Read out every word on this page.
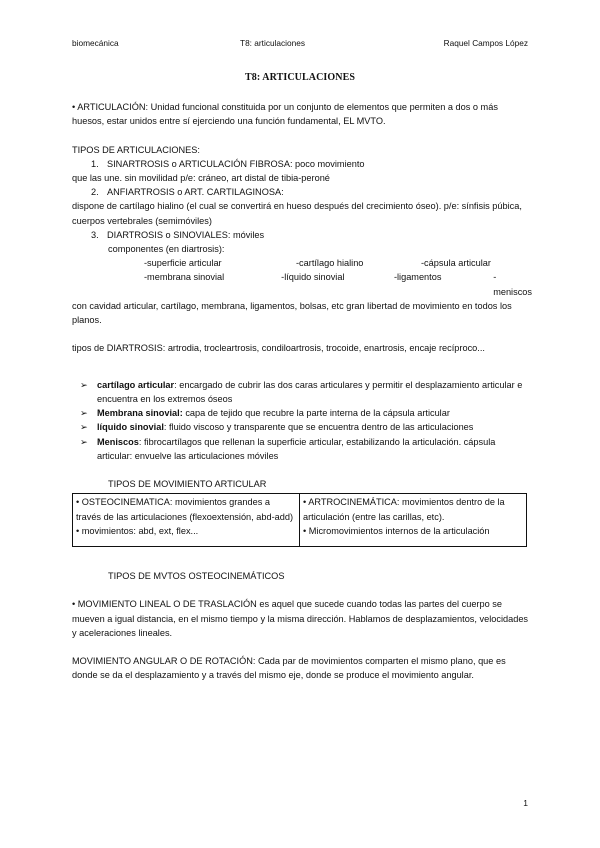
biomecánica	T8: articulaciones	Raquel Campos López
T8: ARTICULACIONES

• ARTICULACIÓN: Unidad funcional constituida por un conjunto de elementos que permiten a dos o más huesos, estar unidos entre sí ejerciendo una función fundamental, EL MVTO.

TIPOS DE ARTICULACIONES:

1. SINARTROSIS o ARTICULACIÓN FIBROSA: poco movimiento

que las une. sin movilidad p/e: cráneo, art distal de tibia-peroné

2. ANFIARTROSIS o ART. CARTILAGINOSA:

dispone de cartílago hialino (el cual se convertirá en hueso después del crecimiento óseo). p/e: sínfisis púbica, cuerpos vertebrales (semimóviles)

3. DIARTROSIS o SINOVIALES: móviles

componentes (en diartrosis):

-superficie articular	-cartílago hialino	-cápsula articular
-membrana sinovial	-líquido sinovial	-ligamentos	-meniscos

con cavidad articular, cartílago, membrana, ligamentos, bolsas, etc gran libertad de movimiento en todos los planos.

tipos de DIARTROSIS: artrodia, trocleartrosis, condiloartrosis, trocoide, enartrosis, encaje recíproco...

➢	cartílago articular: encargado de cubrir las dos caras articulares y permitir el desplazamiento articular e encuentra en los extremos óseos
➢	Membrana sinovial: capa de tejido que recubre la parte interna de la cápsula articular
➢	líquido sinovial: fluido viscoso y transparente que se encuentra dentro de las articulaciones
➢	Meniscos: fibrocartílagos que rellenan la superficie articular, estabilizando la articulación. cápsula articular: envuelve las articulaciones móviles

TIPOS DE MOVIMIENTO ARTICULAR

• OSTEOCINEMATICA: movimientos grandes a través de las articulaciones (flexoextensión, abd-add)
• movimientos: abd, ext, flex...

• ARTROCINEMÁTICA: movimientos dentro de la articulación (entre las carillas, etc).
• Micromovimientos internos de la articulación

TIPOS DE MVTOS OSTEOCINEMÁTICOS

• MOVIMIENTO LINEAL O DE TRASLACIÓN es aquel que sucede cuando todas las partes del cuerpo se mueven a igual distancia, en el mismo tiempo y la misma dirección. Hablamos de desplazamientos, velocidades y aceleraciones lineales.

MOVIMIENTO ANGULAR O DE ROTACIÓN: Cada par de movimientos comparten el mismo plano, que es donde se da el desplazamiento y a través del mismo eje, donde se produce el movimiento angular.

1
